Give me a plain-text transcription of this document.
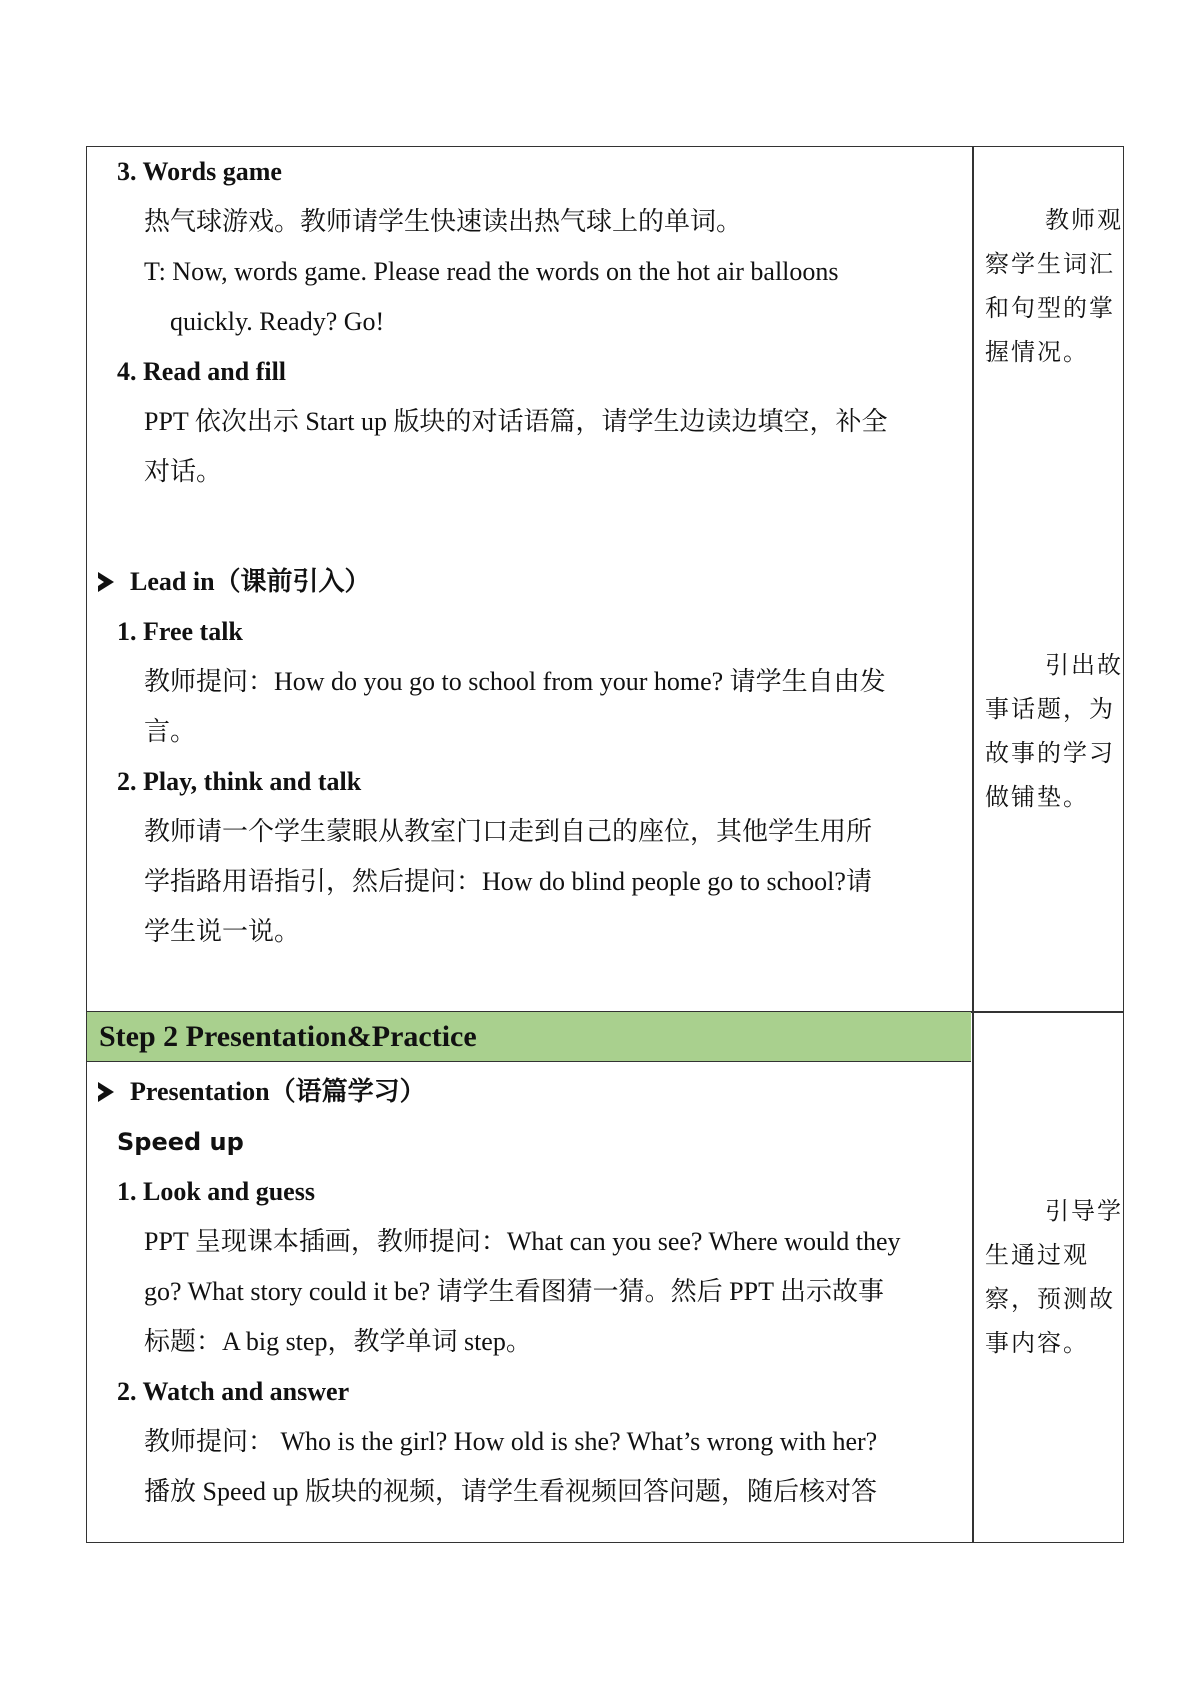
3. Words game
热气球游戏。教师请学生快速读出热气球上的单词。
T: Now, words game. Please read the words on the hot air balloons
quickly. Ready? Go!
4. Read and fill
PPT 依次出示 Start up 版块的对话语篇，请学生边读边填空，补全
对话。
Lead in（课前引入）
1. Free talk
教师提问：How do you go to school from your home? 请学生自由发
言。
2. Play, think and talk
教师请一个学生蒙眼从教室门口走到自己的座位，其他学生用所
学指路用语指引，然后提问：How do blind people go to school?请
学生说一说。
教师观
察学生词汇
和句型的掌
握情况。
引出故
事话题，为
故事的学习
做铺垫。
Step 2 Presentation&Practice
Presentation（语篇学习）
Speed up
1. Look and guess
PPT 呈现课本插画，教师提问：What can you see? Where would they
go? What story could it be? 请学生看图猜一猜。然后 PPT 出示故事
标题：A big step，教学单词 step。
2. Watch and answer
教师提问： Who is the girl? How old is she? What’s wrong with her?
播放 Speed up 版块的视频，请学生看视频回答问题，随后核对答
引导学
生通过观
察，预测故
事内容。
